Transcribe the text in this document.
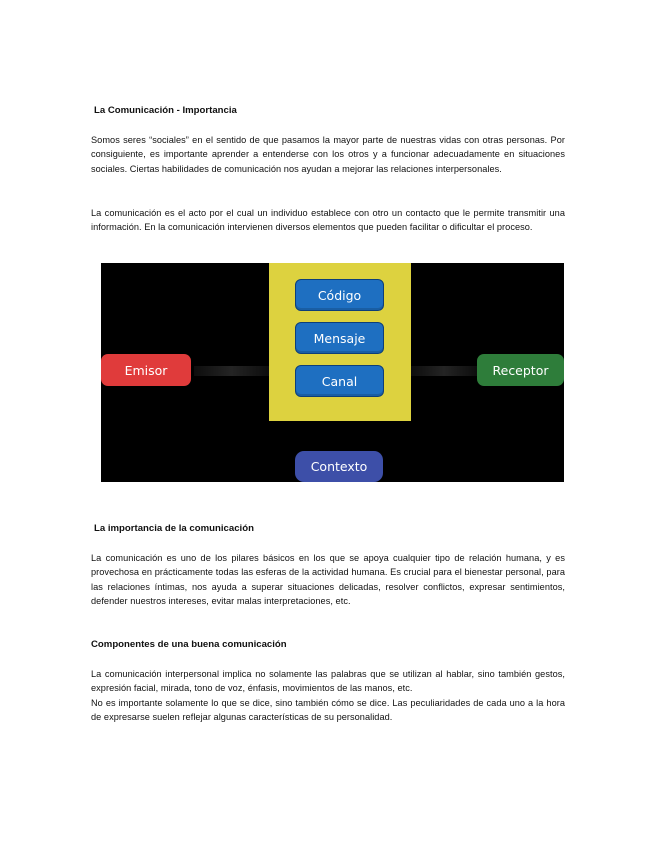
La Comunicación - Importancia
Somos seres “sociales” en el sentido de que pasamos la mayor parte de nuestras vidas con otras personas. Por consiguiente, es importante aprender a entenderse con los otros y a funcionar adecuadamente en situaciones sociales. Ciertas habilidades de comunicación nos ayudan a mejorar las relaciones interpersonales.
La comunicación es el acto por el cual un individuo establece con otro un contacto que le permite transmitir una información. En la comunicación intervienen diversos elementos que pueden facilitar o dificultar el proceso.
Emisor
Código
Mensaje
Canal
Receptor
Contexto
La importancia de la comunicación
La comunicación es uno de los pilares básicos en los que se apoya cualquier tipo de relación humana, y es provechosa en prácticamente todas las esferas de la actividad humana. Es crucial para el bienestar personal, para las relaciones íntimas, nos ayuda a superar situaciones delicadas, resolver conflictos, expresar sentimientos, defender nuestros intereses, evitar malas interpretaciones, etc.
Componentes de una buena comunicación
La comunicación interpersonal implica no solamente las palabras que se utilizan al hablar, sino también gestos, expresión facial, mirada, tono de voz, énfasis, movimientos de las manos, etc.
No es importante solamente lo que se dice, sino también cómo se dice. Las peculiaridades de cada uno a la hora de expresarse suelen reflejar algunas características de su personalidad.
